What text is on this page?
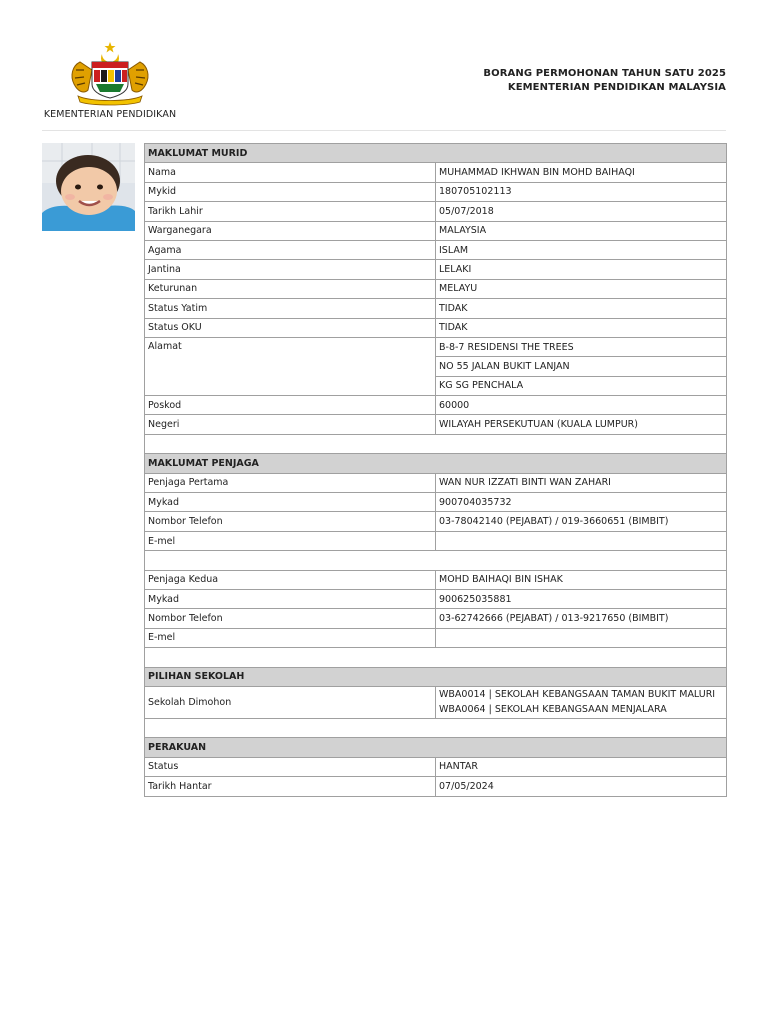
KEMENTERIAN PENDIDIKAN
BORANG PERMOHONAN TAHUN SATU 2025
KEMENTERIAN PENDIDIKAN MALAYSIA
MAKLUMAT MURID	
Nama	MUHAMMAD IKHWAN BIN MOHD BAIHAQI
Mykid	180705102113
Tarikh Lahir	05/07/2018
Warganegara	MALAYSIA
Agama	ISLAM
Jantina	LELAKI
Keturunan	MELAYU
Status Yatim	TIDAK
Status OKU	TIDAK
Alamat	B-8-7 RESIDENSI THE TREES
	NO 55 JALAN BUKIT LANJAN
	KG SG PENCHALA
Poskod	60000
Negeri	WILAYAH PERSEKUTUAN (KUALA LUMPUR)

MAKLUMAT PENJAGA	
Penjaga Pertama	WAN NUR IZZATI BINTI WAN ZAHARI
Mykad	900704035732
Nombor Telefon	03-78042140 (PEJABAT) / 019-3660651 (BIMBIT)
E-mel	

Penjaga Kedua	MOHD BAIHAQI BIN ISHAK
Mykad	900625035881
Nombor Telefon	03-62742666 (PEJABAT) / 013-9217650 (BIMBIT)
E-mel	

PILIHAN SEKOLAH	
Sekolah Dimohon	WBA0014 | SEKOLAH KEBANGSAAN TAMAN BUKIT MALURI
WBA0064 | SEKOLAH KEBANGSAAN MENJALARA

PERAKUAN	
Status	HANTAR
Tarikh Hantar	07/05/2024
